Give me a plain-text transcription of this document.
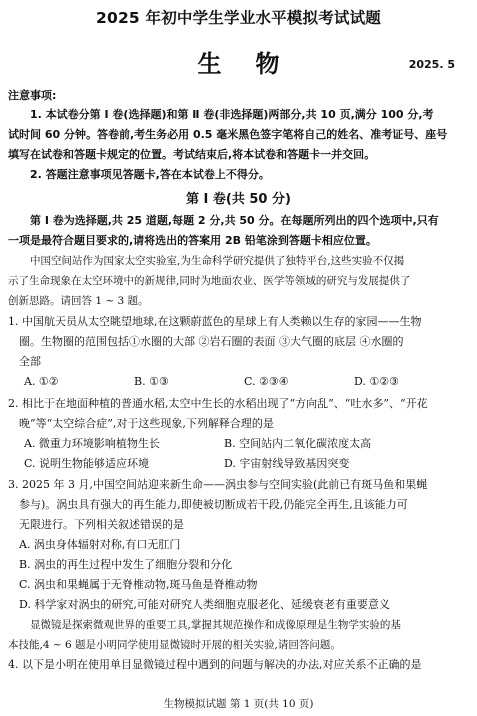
2025 年初中学生学业水平模拟考试试题
生物	2025. 5
注意事项:
1. 本试卷分第 Ⅰ 卷(选择题)和第 Ⅱ 卷(非选择题)两部分,共 10 页,满分 100 分,考
试时间 60 分钟。答卷前,考生务必用 0.5 毫米黑色签字笔将自己的姓名、准考证号、座号
填写在试卷和答题卡规定的位置。考试结束后,将本试卷和答题卡一并交回。
2. 答题注意事项见答题卡,答在本试卷上不得分。
第 Ⅰ 卷(共 50 分)
第 Ⅰ 卷为选择题,共 25 道题,每题 2 分,共 50 分。在每题所列出的四个选项中,只有
一项是最符合题目要求的,请将选出的答案用 2B 铅笔涂到答题卡相应位置。
中国空间站作为国家太空实验室,为生命科学研究提供了独特平台,这些实验不仅揭
示了生命现象在太空环境中的新规律,同时为地面农业、医学等领域的研究与发展提供了
创新思路。请回答 1 ~ 3 题。
1. 中国航天员从太空眺望地球,在这颗蔚蓝色的星球上有人类赖以生存的家园——生物
圈。生物圈的范围包括①水圈的大部 ②岩石圈的表面 ③大气圈的底层 ④水圈的
全部
A. ①②	B. ①③	C. ②③④	D. ①②③
2. 相比于在地面种植的普通水稻,太空中生长的水稻出现了“方向乱”、“吐水多”、“开花
晚”等“太空综合症”,对于这些现象,下列解释合理的是
A. 微重力环境影响植物生长	B. 空间站内二氧化碳浓度太高
C. 说明生物能够适应环境	D. 宇宙射线导致基因突变
3. 2025 年 3 月,中国空间站迎来新生命——涡虫参与空间实验(此前已有斑马鱼和果蝇
参与)。涡虫具有强大的再生能力,即使被切断成若干段,仍能完全再生,且该能力可
无限进行。下列相关叙述错误的是
A. 涡虫身体辐射对称,有口无肛门
B. 涡虫的再生过程中发生了细胞分裂和分化
C. 涡虫和果蝇属于无脊椎动物,斑马鱼是脊椎动物
D. 科学家对涡虫的研究,可能对研究人类细胞克服老化、延缓衰老有重要意义
显微镜是探索微观世界的重要工具,掌握其规范操作和成像原理是生物学实验的基
本技能,4 ~ 6 题是小明同学使用显微镜时开展的相关实验,请回答问题。
4. 以下是小明在使用单目显微镜过程中遇到的问题与解决的办法,对应关系不正确的是
生物模拟试题 第 1 页(共 10 页)
